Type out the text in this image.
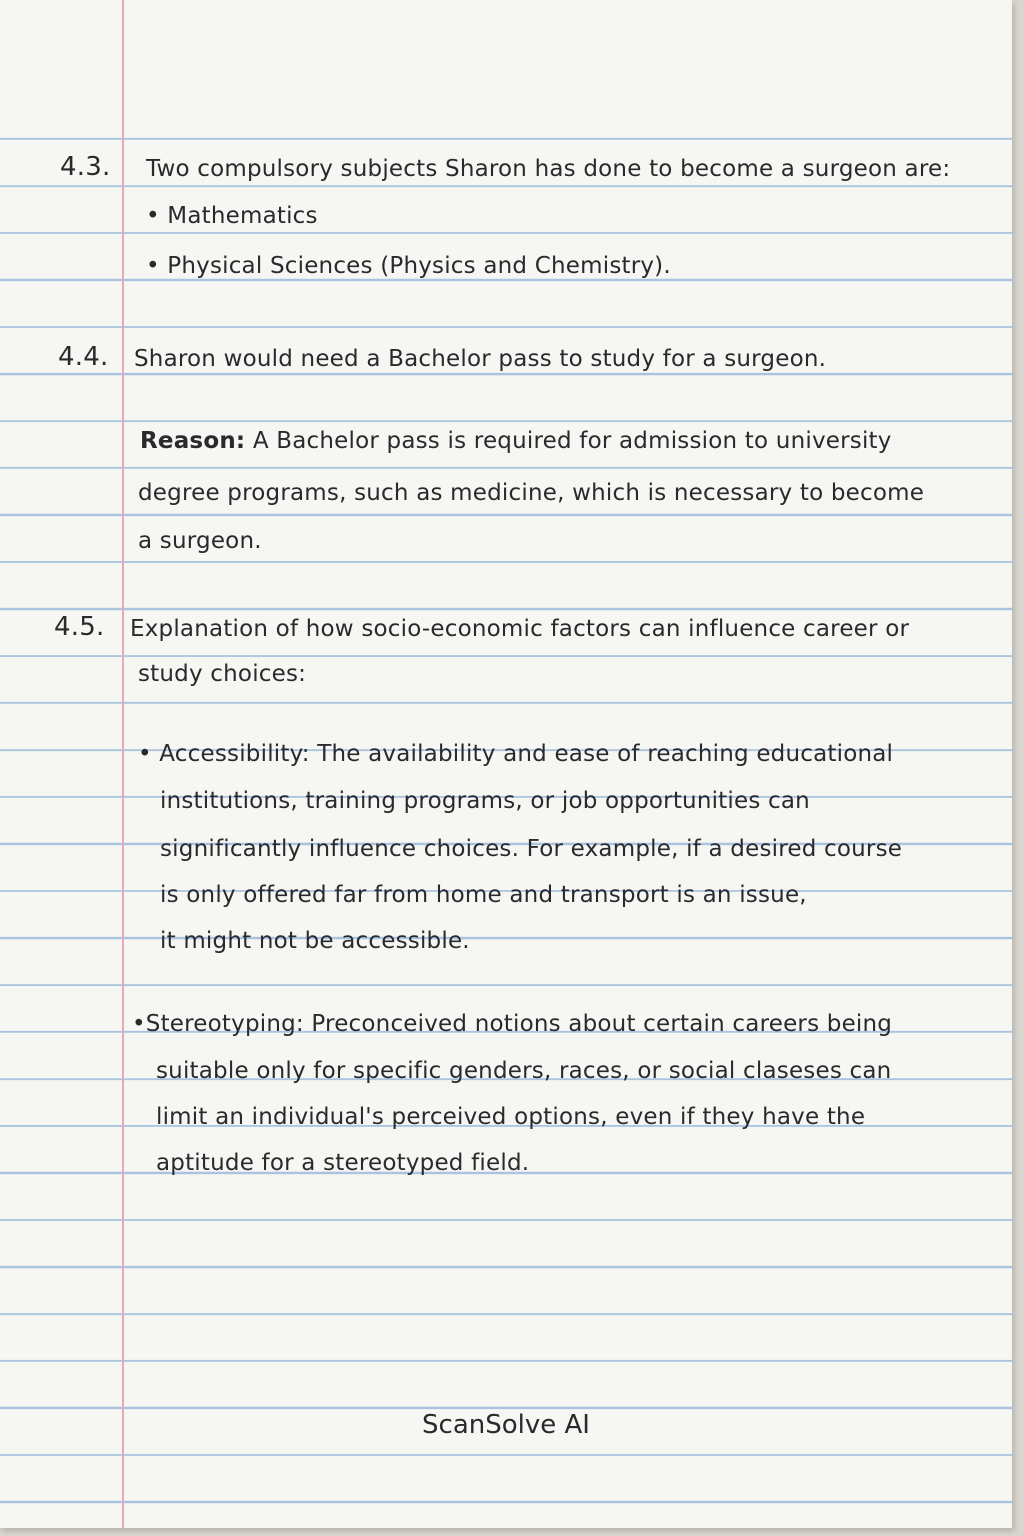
4.3. Two compulsory subjects Sharon has done to become a surgeon are:
• Mathematics
• Physical Sciences (Physics and Chemistry).
4.4. Sharon would need a Bachelor pass to study for a surgeon.
Reason: A Bachelor pass is required for admission to university
degree programs, such as medicine, which is necessary to become
a surgeon.
4.5. Explanation of how socio-economic factors can influence career or
study choices:
• Accessibility: The availability and ease of reaching educational
institutions, training programs, or job opportunities can
significantly influence choices. For example, if a desired course
is only offered far from home and transport is an issue,
it might not be accessible.
•Stereotyping: Preconceived notions about certain careers being
suitable only for specific genders, races, or social claseses can
limit an individual's perceived options, even if they have the
aptitude for a stereotyped field.
ScanSolve AI
